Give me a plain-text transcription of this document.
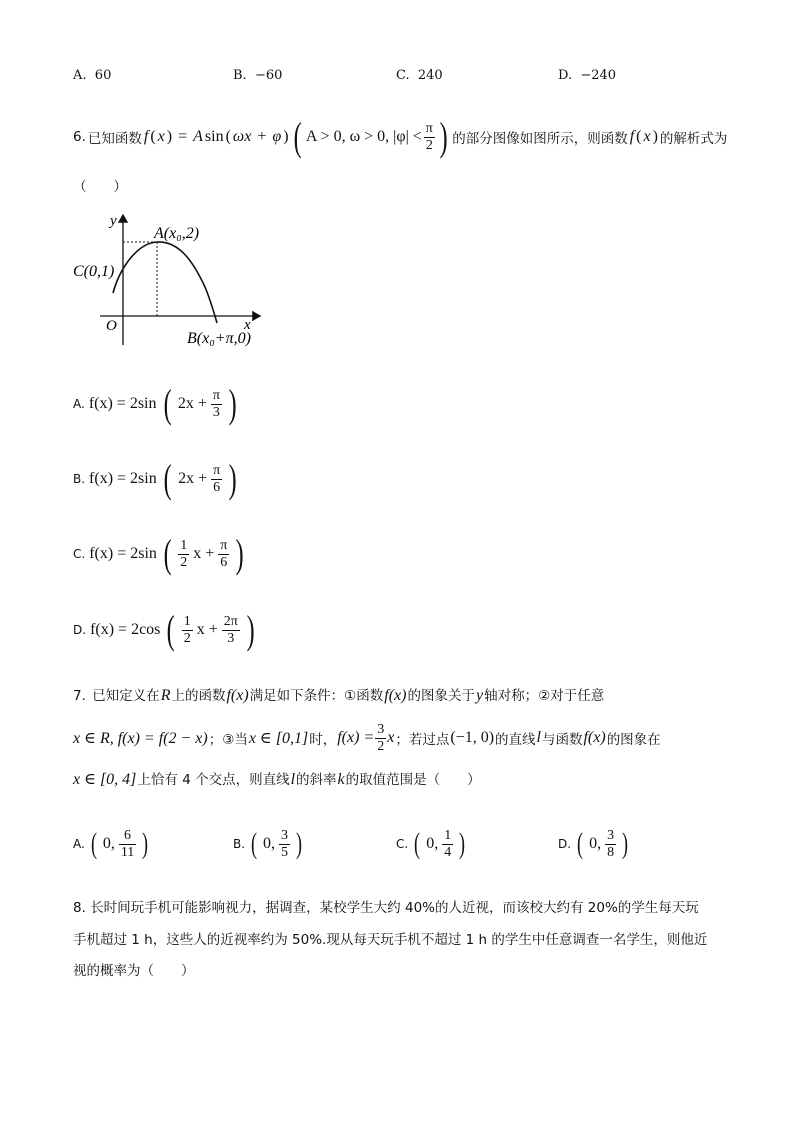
A. 60	B. −60	C. 240	D. −240
6. 已知函数 f ( x ) = A sin ( ωx + φ ) ( A > 0, ω > 0, $|\varphi| < \frac{\pi}{2}$ ) 的部分图像如图所示，则函数 f ( x ) 的解析式为
（　　）
y
x
O
A(x₀,2)
C(0,1)
B(x₀+π,0)
A. f(x) = 2sin ( $2x + \frac{\pi}{3}$ )
B. f(x) = 2sin ( $2x + \frac{\pi}{6}$ )
C. f(x) = 2sin ( $\frac{1}{2}$ $x + \frac{\pi}{6}$ )
D. f(x) = 2cos ( $\frac{1}{2}$ $x + \frac{2\pi}{3}$ )
7.
已知定义在 R 上的函数 f(x) 满足如下条件：①函数 f(x) 的图象关于 y 轴对称；②对于任意
x ∈ R, f(x) = f(2 − x) ；③当 x ∈ [0,1] 时， $f(x) = \frac{3}{2}$ x ；若过点 (−1, 0) 的直线 l 与函数 f(x) 的图象在
x ∈ [0, 4] 上恰有 4 个交点，则直线 l 的斜率 k 的取值范围是（　　）
A. ( 0, $\frac{6}{11}$ )	B. ( 0, $\frac{3}{5}$ )	C. ( 0, $\frac{1}{4}$ )	D. ( 0, $\frac{3}{8}$ )
8. 长时间玩手机可能影响视力，据调查，某校学生大约 40%的人近视，而该校大约有 20%的学生每天玩
手机超过 1 h，这些人的近视率约为 50%.现从每天玩手机不超过 1 h 的学生中任意调查一名学生，则他近
视的概率为（　　）
